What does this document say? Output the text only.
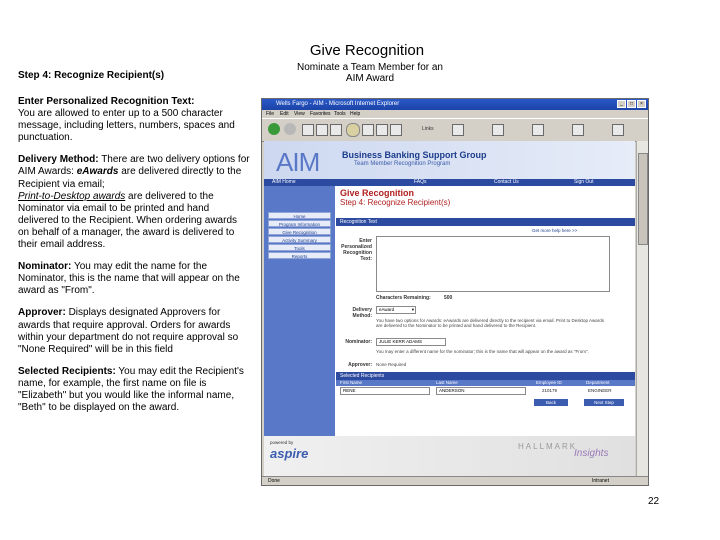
Give Recognition
Step 4: Recognize Recipient(s)
Nominate a Team Member for an AIM Award

Enter Personalized Recognition Text:
You are allowed to enter up to a 500 character message, including letters, numbers, spaces and punctuation.

Delivery Method: There are two delivery options for AIM Awards: eAwards are delivered directly to the Recipient via email;
Print-to-Desktop awards are delivered to the Nominator via email to be printed and hand delivered to the Recipient. When ordering awards on behalf of a manager, the award is delivered to their email address.

Nominator: You may edit the name for the Nominator, this is the name that will appear on the award as "From".

Approver: Displays designated Approvers for awards that require approval. Orders for awards within your department do not require approval so "None Required" will be in this field

Selected Recipients: You may edit the Recipient's name, for example, the first name on file is "Elizabeth" but you would like the informal name, "Beth" to be displayed on the award.

22
Wells Fargo - AIM - Microsoft Internet Explorer	_	□	×
File Edit View Favorites Tools Help
Links
AIM	Business Banking Support Group
Team Member Recognition Program
AIM Home	FAQs	Contact Us	Sign Out
Home
Program Information
Give Recognition
Activity Summary
Tools
Reports
Give Recognition
Step 4: Recognize Recipient(s)
Recognition Text
Get more help here >>
Enter Personalized Recognition Text:
Characters Remaining:	500
Delivery Method:
eAward	▾
You have two options for Awards: eAwards are delivered directly to the recipient via email. Print to Desktop Awards are delivered to the Nominator to be printed and hand delivered to the Recipient.
Nominator:	JULIE KERR ADAMS
You may enter a different name for the nominator; this is the name that will appear on the award as "From".
Approver: None Required
Selected Recipients
First Name	Last Name	Employee ID	Department
RENE	ANDERSON	210179	ENGINEER
Back	Next Step
powered by
aspire	HALLMARK
Insights
Done	Intranet
